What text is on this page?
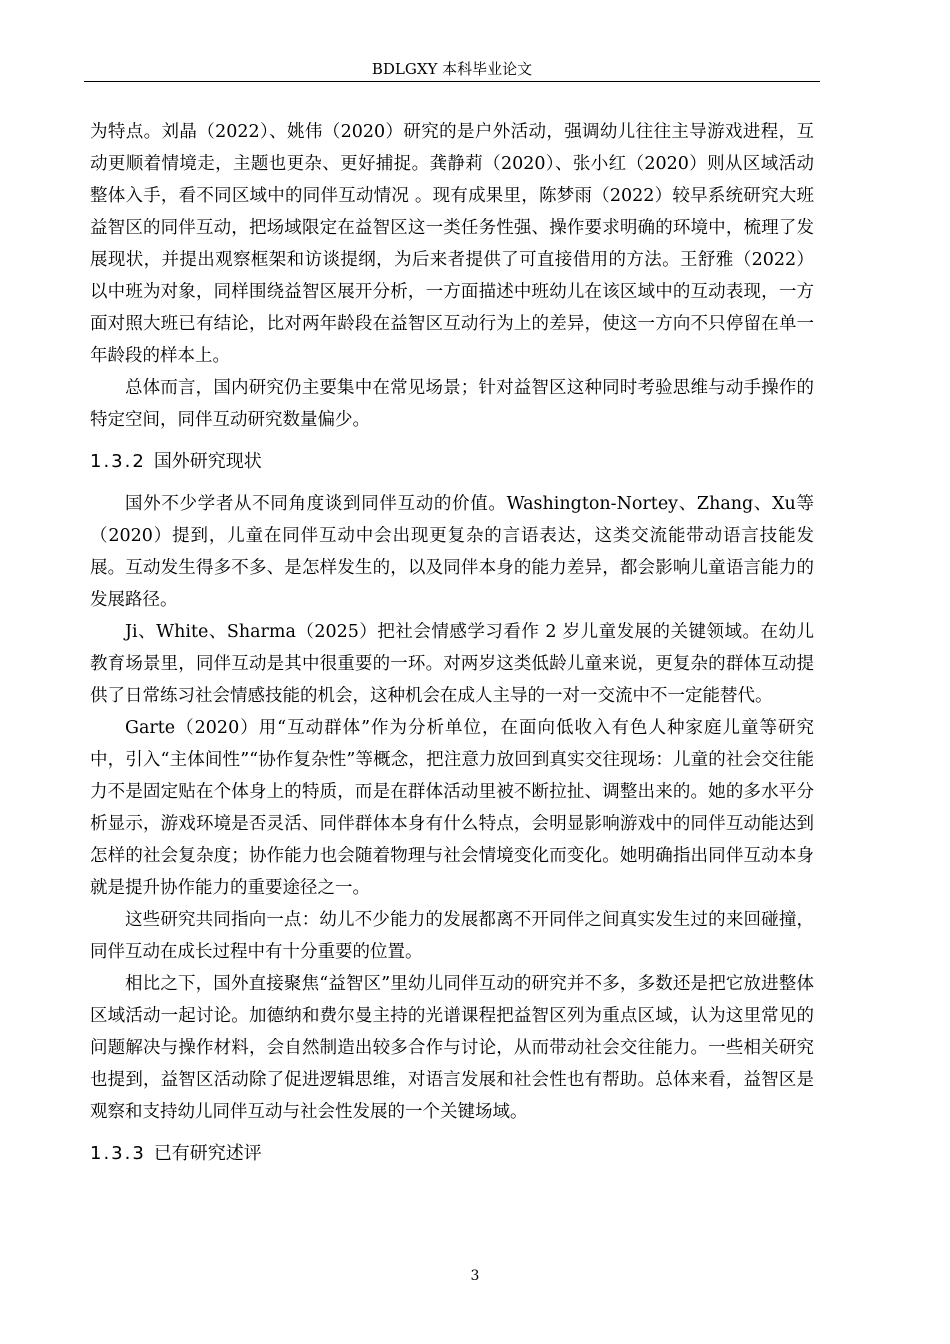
BDLGXY 本科毕业论文

为特点。刘晶（2022）、姚伟（2020）研究的是户外活动，强调幼儿往往主导游戏进程，互动更顺着情境走，主题也更杂、更好捕捉。龚静莉（2020）、张小红（2020）则从区域活动整体入手，看不同区域中的同伴互动情况 。现有成果里，陈梦雨（2022）较早系统研究大班益智区的同伴互动，把场域限定在益智区这一类任务性强、操作要求明确的环境中，梳理了发展现状，并提出观察框架和访谈提纲，为后来者提供了可直接借用的方法。王舒雅（2022）以中班为对象，同样围绕益智区展开分析，一方面描述中班幼儿在该区域中的互动表现，一方面对照大班已有结论，比对两年龄段在益智区互动行为上的差异，使这一方向不只停留在单一年龄段的样本上。

总体而言，国内研究仍主要集中在常见场景；针对益智区这种同时考验思维与动手操作的特定空间，同伴互动研究数量偏少。

1.3.2 国外研究现状

国外不少学者从不同角度谈到同伴互动的价值。Washington-Nortey、Zhang、Xu等（2020）提到，儿童在同伴互动中会出现更复杂的言语表达，这类交流能带动语言技能发展。互动发生得多不多、是怎样发生的，以及同伴本身的能力差异，都会影响儿童语言能力的发展路径。

Ji、White、Sharma（2025）把社会情感学习看作 2 岁儿童发展的关键领域。在幼儿教育场景里，同伴互动是其中很重要的一环。对两岁这类低龄儿童来说，更复杂的群体互动提供了日常练习社会情感技能的机会，这种机会在成人主导的一对一交流中不一定能替代。

Garte（2020）用“互动群体”作为分析单位，在面向低收入有色人种家庭儿童等研究中，引入“主体间性”“协作复杂性”等概念，把注意力放回到真实交往现场：儿童的社会交往能力不是固定贴在个体身上的特质，而是在群体活动里被不断拉扯、调整出来的。她的多水平分析显示，游戏环境是否灵活、同伴群体本身有什么特点，会明显影响游戏中的同伴互动能达到怎样的社会复杂度；协作能力也会随着物理与社会情境变化而变化。她明确指出同伴互动本身就是提升协作能力的重要途径之一。

这些研究共同指向一点：幼儿不少能力的发展都离不开同伴之间真实发生过的来回碰撞，同伴互动在成长过程中有十分重要的位置。

相比之下，国外直接聚焦“益智区”里幼儿同伴互动的研究并不多，多数还是把它放进整体区域活动一起讨论。加德纳和费尔曼主持的光谱课程把益智区列为重点区域，认为这里常见的问题解决与操作材料，会自然制造出较多合作与讨论，从而带动社会交往能力。一些相关研究也提到，益智区活动除了促进逻辑思维，对语言发展和社会性也有帮助。总体来看，益智区是观察和支持幼儿同伴互动与社会性发展的一个关键场域。

1.3.3 已有研究述评
3
